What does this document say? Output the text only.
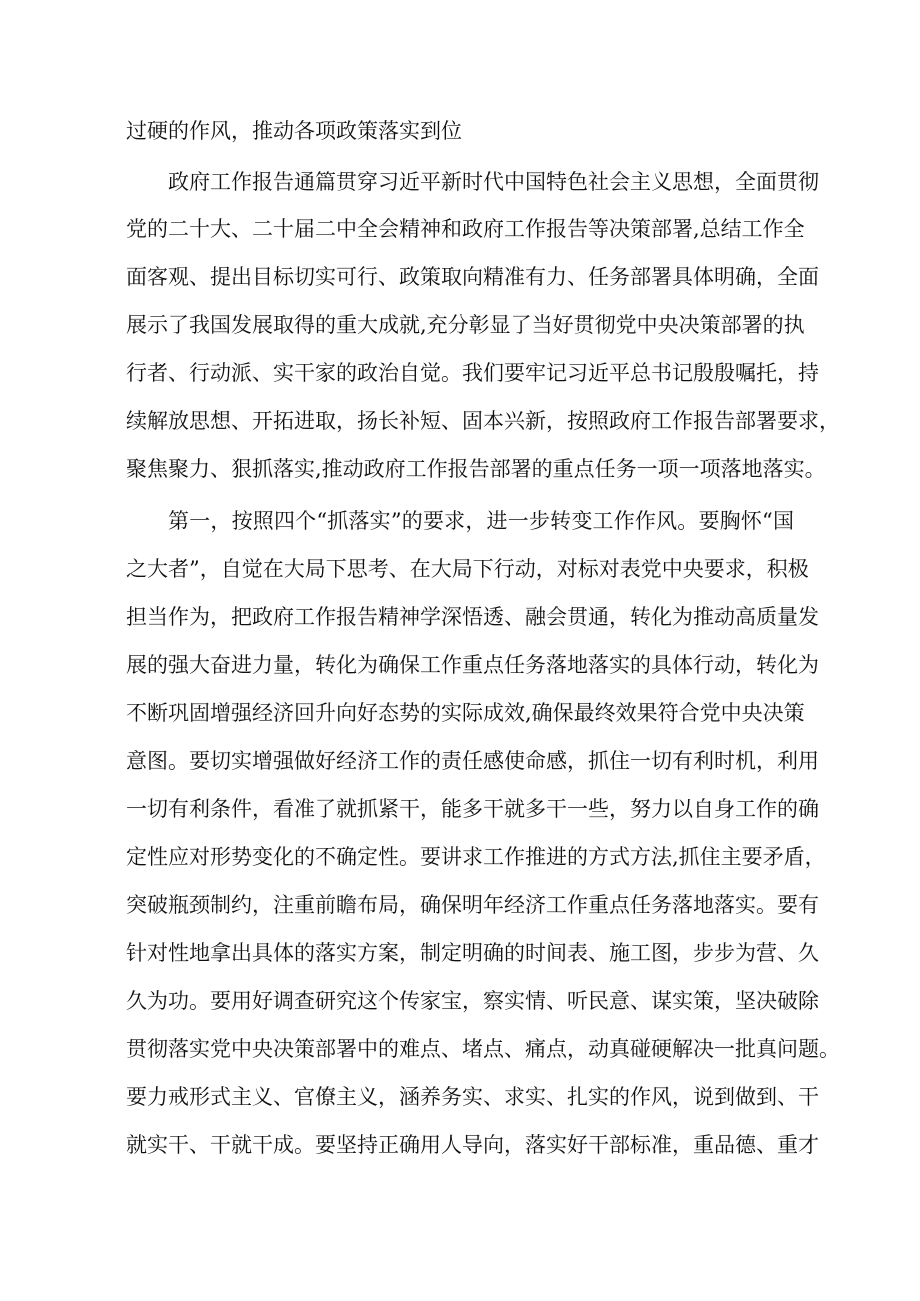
过硬的作风，推动各项政策落实到位
政府工作报告通篇贯穿习近平新时代中国特色社会主义思想，全面贯彻
党的二十大、二十届二中全会精神和政府工作报告等决策部署,总结工作全
面客观、提出目标切实可行、政策取向精准有力、任务部署具体明确，全面
展示了我国发展取得的重大成就,充分彰显了当好贯彻党中央决策部署的执
行者、行动派、实干家的政治自觉。我们要牢记习近平总书记殷殷嘱托，持
续解放思想、开拓进取，扬长补短、固本兴新，按照政府工作报告部署要求，
聚焦聚力、狠抓落实,推动政府工作报告部署的重点任务一项一项落地落实。
第一，按照四个“抓落实”的要求，进一步转变工作作风。要胸怀“国
之大者”，自觉在大局下思考、在大局下行动，对标对表党中央要求，积极
担当作为，把政府工作报告精神学深悟透、融会贯通，转化为推动高质量发
展的强大奋进力量，转化为确保工作重点任务落地落实的具体行动，转化为
不断巩固增强经济回升向好态势的实际成效,确保最终效果符合党中央决策
意图。要切实增强做好经济工作的责任感使命感，抓住一切有利时机，利用
一切有利条件，看准了就抓紧干，能多干就多干一些，努力以自身工作的确
定性应对形势变化的不确定性。要讲求工作推进的方式方法,抓住主要矛盾，
突破瓶颈制约，注重前瞻布局，确保明年经济工作重点任务落地落实。要有
针对性地拿出具体的落实方案，制定明确的时间表、施工图，步步为营、久
久为功。要用好调查研究这个传家宝，察实情、听民意、谋实策，坚决破除
贯彻落实党中央决策部署中的难点、堵点、痛点，动真碰硬解决一批真问题。
要力戒形式主义、官僚主义，涵养务实、求实、扎实的作风，说到做到、干
就实干、干就干成。要坚持正确用人导向，落实好干部标准，重品德、重才
